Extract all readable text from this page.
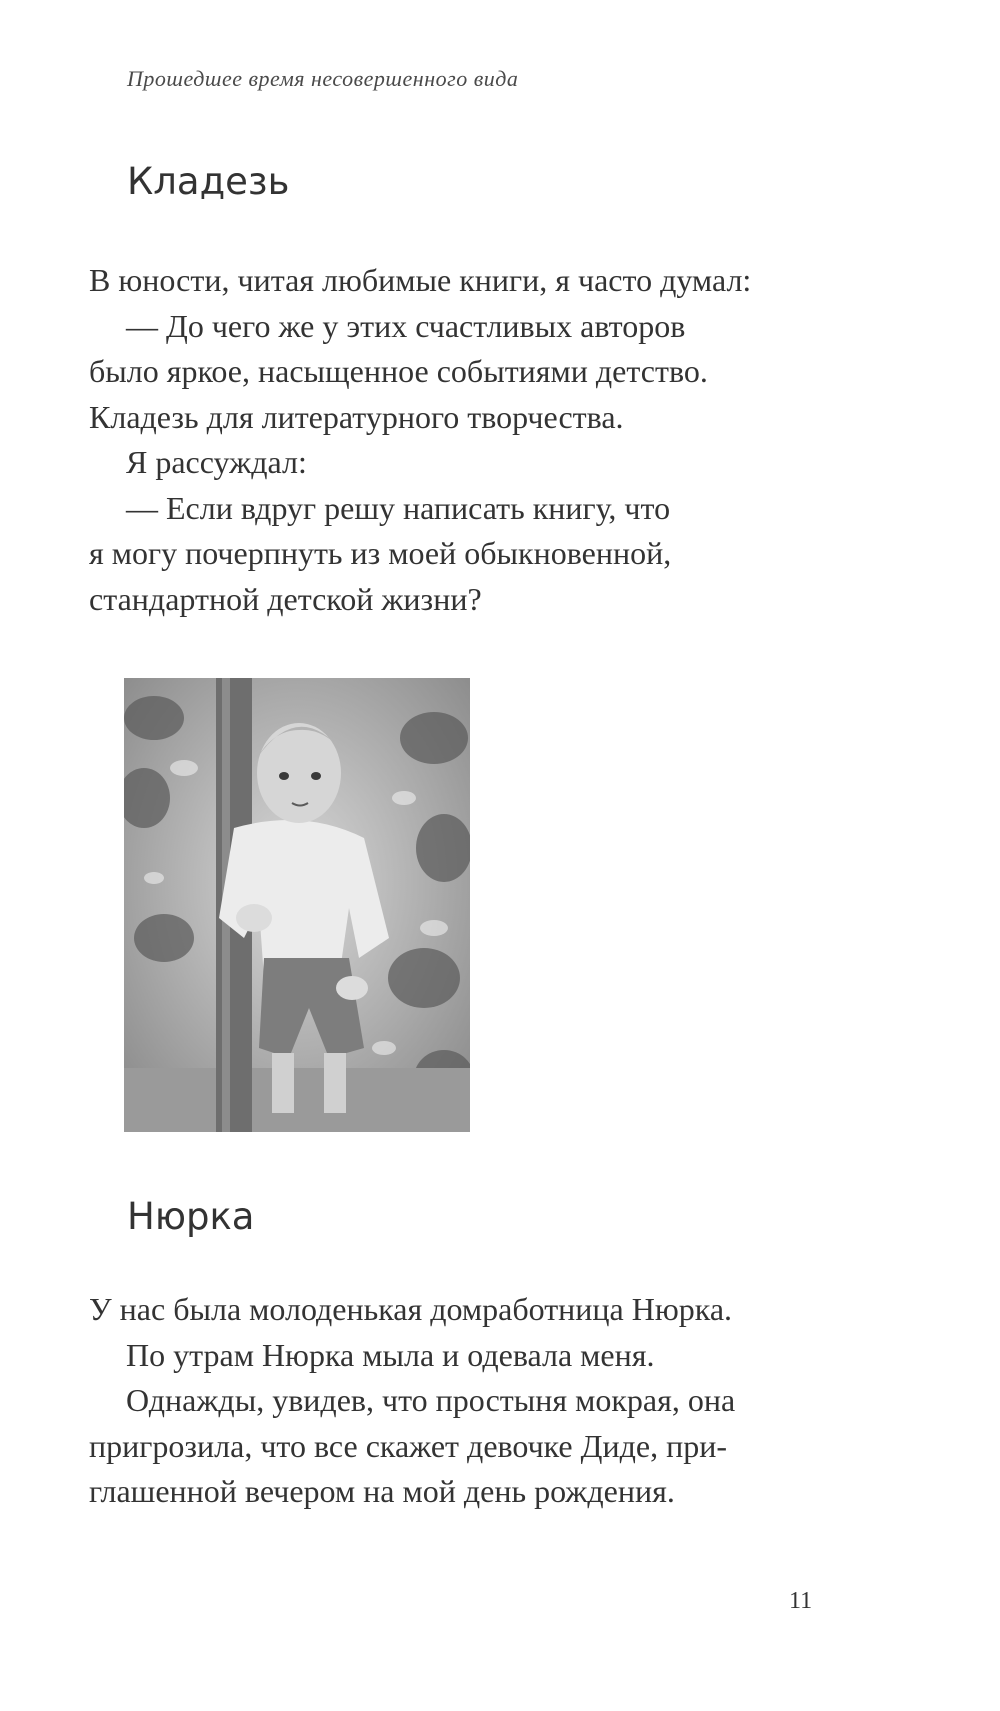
Прошедшее время несовершенного вида
Кладезь
В юности, читая любимые книги, я часто думал:
— До чего же у этих счастливых авторов
было яркое, насыщенное событиями детство.
Кладезь для литературного творчества.
Я рассуждал:
— Если вдруг решу написать книгу, что
я могу почерпнуть из моей обыкновенной,
стандартной детской жизни?
Нюрка
У нас была молоденькая домработница Нюрка.
По утрам Нюрка мыла и одевала меня.
Однажды, увидев, что простыня мокрая, она
пригрозила, что все скажет девочке Диде, при-
глашенной вечером на мой день рождения.
11
